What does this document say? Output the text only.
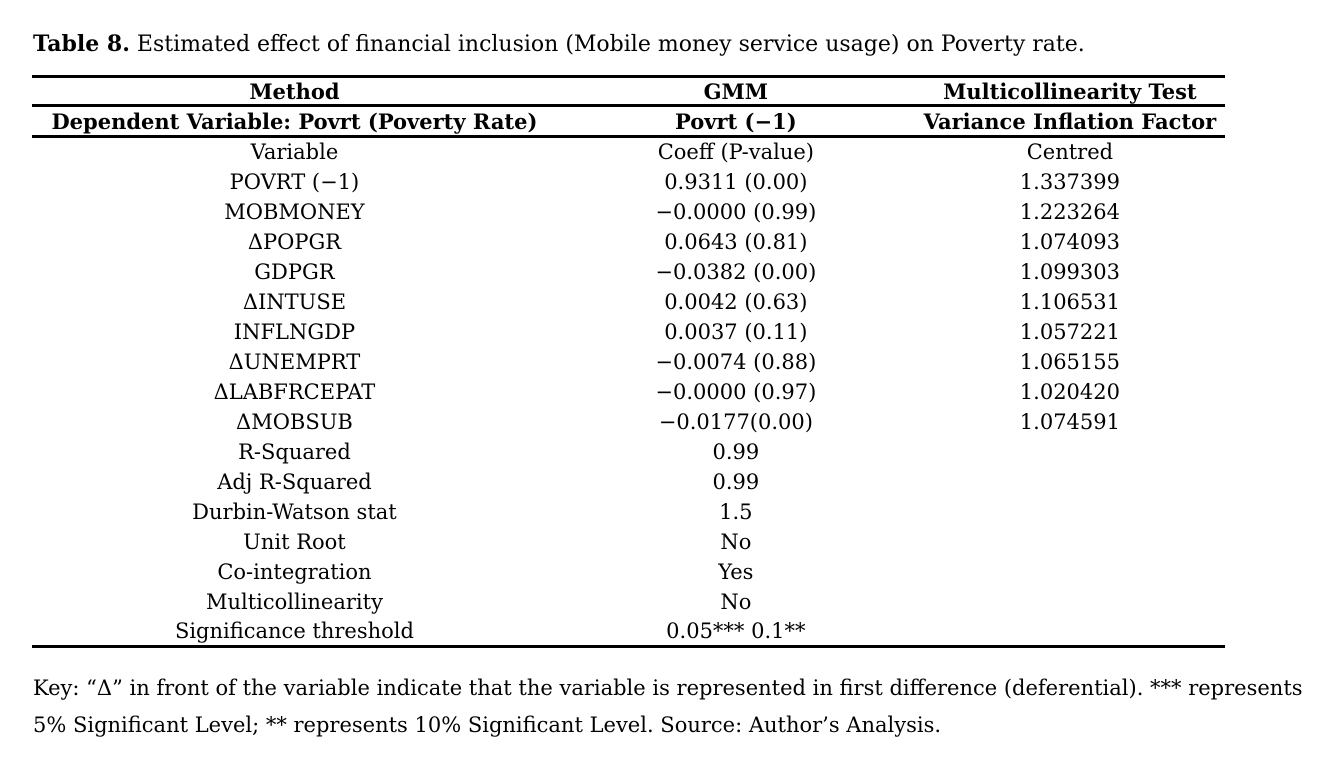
Table 8. Estimated effect of financial inclusion (Mobile money service usage) on Poverty rate.
Method	GMM	Multicollinearity Test
Dependent Variable: Povrt (Poverty Rate)	Povrt (−1)	Variance Inflation Factor
Variable	Coeff (P-value)	Centred
POVRT (−1)	0.9311 (0.00)	1.337399
MOBMONEY	−0.0000 (0.99)	1.223264
ΔPOPGR	0.0643 (0.81)	1.074093
GDPGR	−0.0382 (0.00)	1.099303
ΔINTUSE	0.0042 (0.63)	1.106531
INFLNGDP	0.0037 (0.11)	1.057221
ΔUNEMPRT	−0.0074 (0.88)	1.065155
ΔLABFRCEPAT	−0.0000 (0.97)	1.020420
ΔMOBSUB	−0.0177(0.00)	1.074591
R-Squared	0.99	
Adj R-Squared	0.99	
Durbin-Watson stat	1.5	
Unit Root	No	
Co-integration	Yes	
Multicollinearity	No	
Significance threshold	0.05*** 0.1**	
Key: “Δ” in front of the variable indicate that the variable is represented in first difference (deferential). *** represents
5% Significant Level; ** represents 10% Significant Level. Source: Author’s Analysis.
